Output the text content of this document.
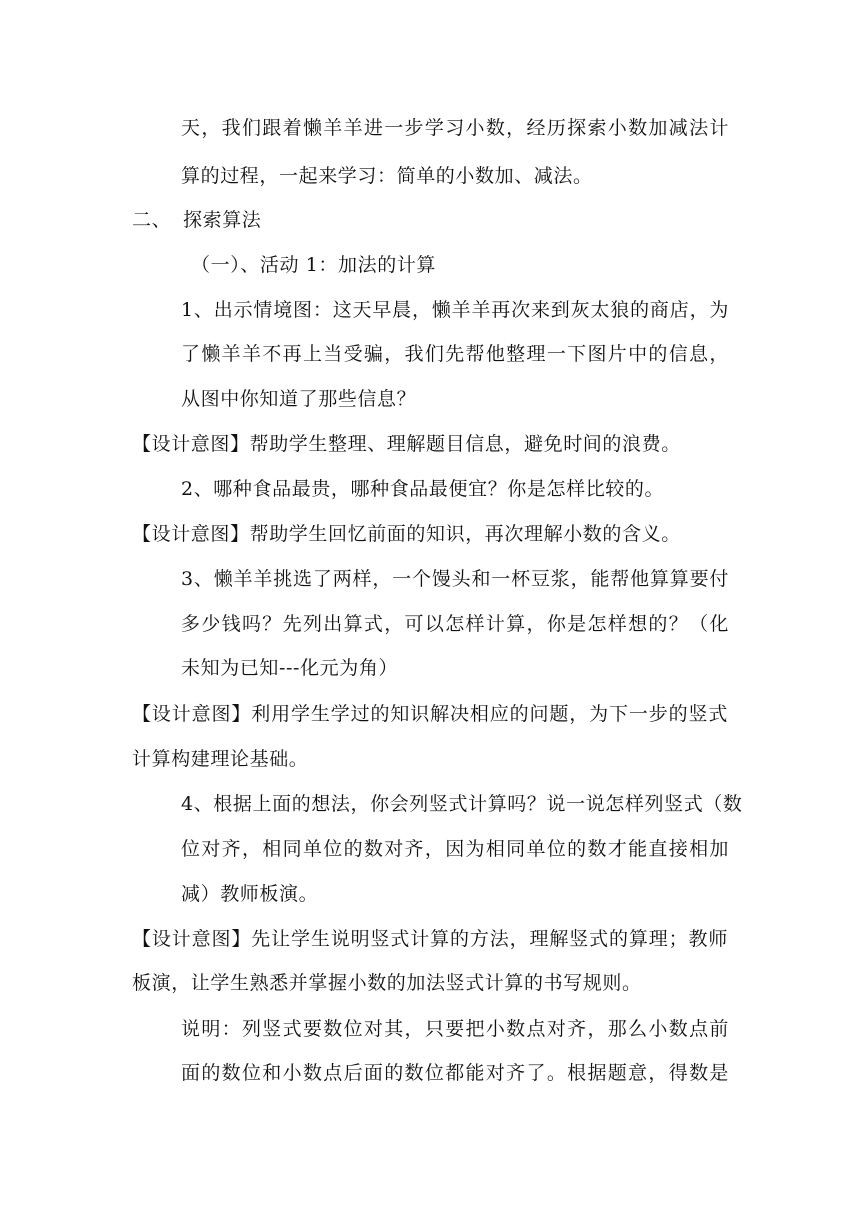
天，我们跟着懒羊羊进一步学习小数，经历探索小数加减法计
算的过程，一起来学习：简单的小数加、减法。
二、 探索算法
（一）、活动 1：加法的计算
1、出示情境图：这天早晨，懒羊羊再次来到灰太狼的商店，为
了懒羊羊不再上当受骗，我们先帮他整理一下图片中的信息，
从图中你知道了那些信息？
【设计意图】帮助学生整理、理解题目信息，避免时间的浪费。
2、哪种食品最贵，哪种食品最便宜？你是怎样比较的。
【设计意图】帮助学生回忆前面的知识，再次理解小数的含义。
3、懒羊羊挑选了两样，一个馒头和一杯豆浆，能帮他算算要付
多少钱吗？先列出算式，可以怎样计算，你是怎样想的？（化
未知为已知---化元为角）
【设计意图】利用学生学过的知识解决相应的问题，为下一步的竖式
计算构建理论基础。
4、根据上面的想法，你会列竖式计算吗？说一说怎样列竖式（数
位对齐，相同单位的数对齐，因为相同单位的数才能直接相加
减）教师板演。
【设计意图】先让学生说明竖式计算的方法，理解竖式的算理；教师
板演，让学生熟悉并掌握小数的加法竖式计算的书写规则。
说明：列竖式要数位对其，只要把小数点对齐，那么小数点前
面的数位和小数点后面的数位都能对齐了。根据题意，得数是
